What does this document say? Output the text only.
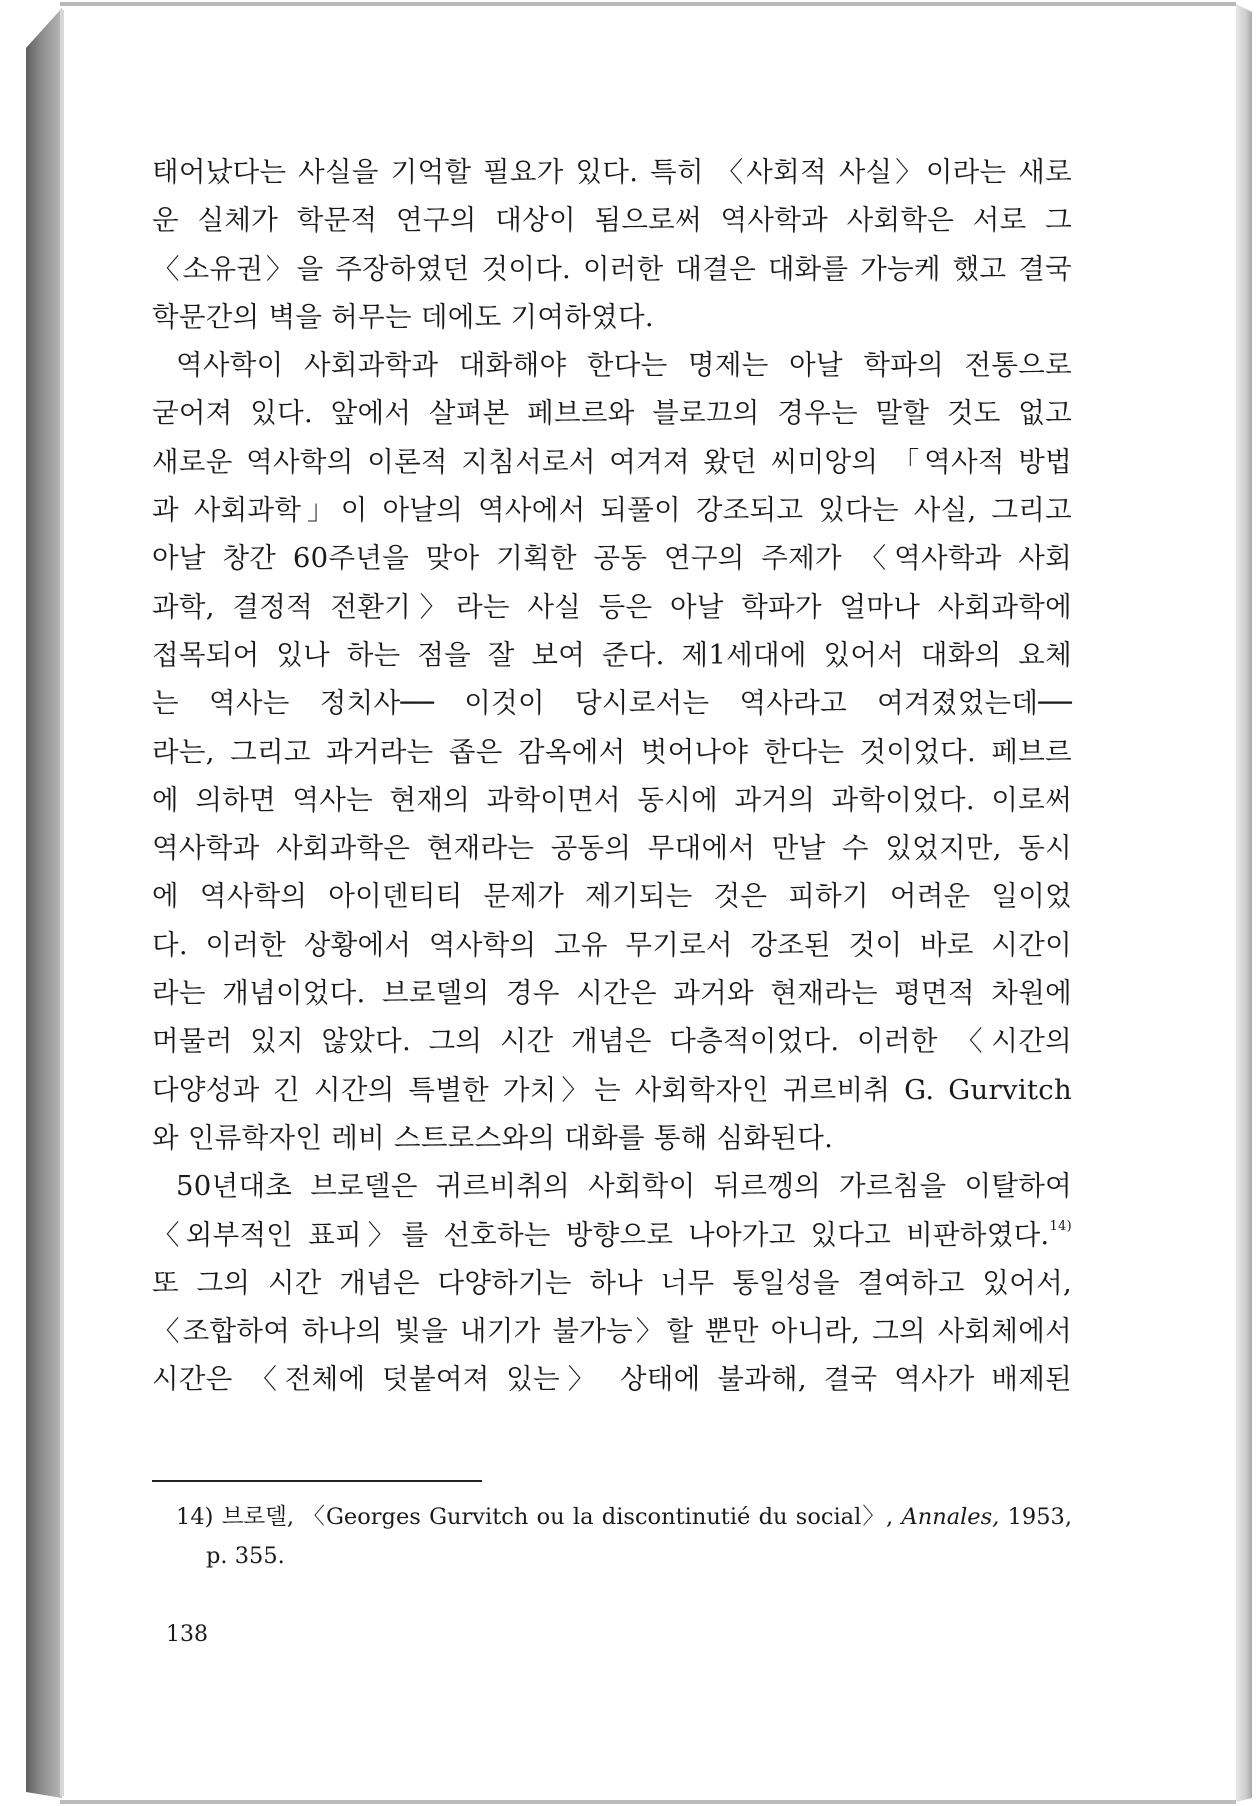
태어났다는 사실을 기억할 필요가 있다. 특히 〈사회적 사실〉이라는 새로
운 실체가 학문적 연구의 대상이 됨으로써 역사학과 사회학은 서로 그
〈소유권〉을 주장하였던 것이다. 이러한 대결은 대화를 가능케 했고 결국
학문간의 벽을 허무는 데에도 기여하였다.
역사학이 사회과학과 대화해야 한다는 명제는 아날 학파의 전통으로
굳어져 있다. 앞에서 살펴본 페브르와 블로끄의 경우는 말할 것도 없고
새로운 역사학의 이론적 지침서로서 여겨져 왔던 씨미앙의 「역사적 방법
과 사회과학」이 아날의 역사에서 되풀이 강조되고 있다는 사실, 그리고
아날 창간 60주년을 맞아 기획한 공동 연구의 주제가 〈역사학과 사회
과학, 결정적 전환기〉라는 사실 등은 아날 학파가 얼마나 사회과학에
접목되어 있나 하는 점을 잘 보여 준다. 제1세대에 있어서 대화의 요체
는 역사는 정치사── 이것이 당시로서는 역사라고 여겨졌었는데──
라는, 그리고 과거라는 좁은 감옥에서 벗어나야 한다는 것이었다. 페브르
에 의하면 역사는 현재의 과학이면서 동시에 과거의 과학이었다. 이로써
역사학과 사회과학은 현재라는 공동의 무대에서 만날 수 있었지만, 동시
에 역사학의 아이덴티티 문제가 제기되는 것은 피하기 어려운 일이었
다. 이러한 상황에서 역사학의 고유 무기로서 강조된 것이 바로 시간이
라는 개념이었다. 브로델의 경우 시간은 과거와 현재라는 평면적 차원에
머물러 있지 않았다. 그의 시간 개념은 다층적이었다. 이러한 〈시간의
다양성과 긴 시간의 특별한 가치〉는 사회학자인 귀르비취 G. Gurvitch
와 인류학자인 레비 스트로스와의 대화를 통해 심화된다.
50년대초 브로델은 귀르비취의 사회학이 뒤르껭의 가르침을 이탈하여
〈외부적인 표피〉를 선호하는 방향으로 나아가고 있다고 비판하였다.$^{14)}$
또 그의 시간 개념은 다양하기는 하나 너무 통일성을 결여하고 있어서,
〈조합하여 하나의 빛을 내기가 불가능〉할 뿐만 아니라, 그의 사회체에서
시간은 〈전체에 덧붙여져 있는〉 상태에 불과해, 결국 역사가 배제된
14) 브로델, 〈Georges Gurvitch ou la discontinutié du social〉, Annales, 1953,
p. 355.
138
